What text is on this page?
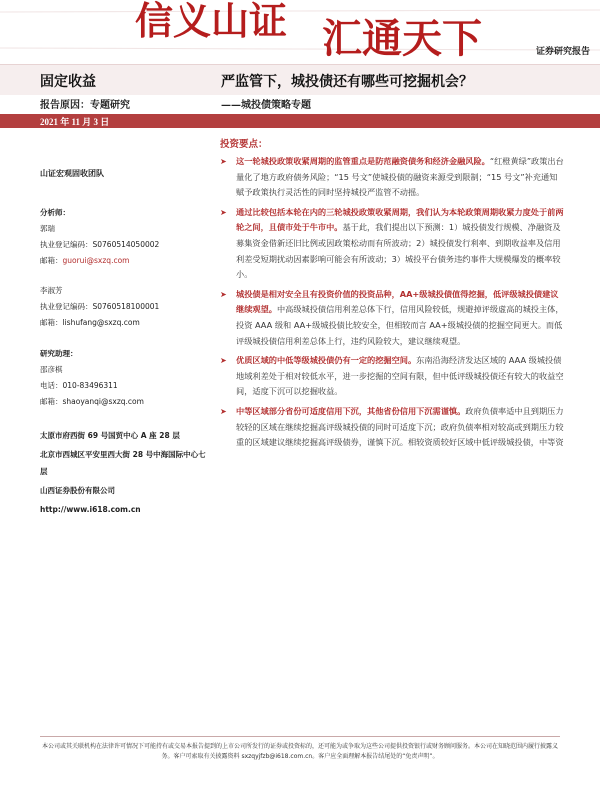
信义山证 汇通天下	证券研究报告
固定收益	严监管下，城投债还有哪些可挖掘机会？
报告原因：专题研究	——城投债策略专题
2021 年 11 月 3 日
山证宏观固收团队
分析师：
郭瑞
执业登记编码：S0760514050002
邮箱：guorui@sxzq.com
李淑芳
执业登记编码：S0760518100001
邮箱：lishufang@sxzq.com
研究助理：
邵彦棋
电话：010-83496311
邮箱：shaoyanqi@sxzq.com
太原市府西街 69 号国贸中心 A 座 28 层
北京市西城区平安里西大街 28 号中海国际中心七层
山西证券股份有限公司
http://www.i618.com.cn
投资要点：
➤ 这一轮城投政策收紧周期的监管重点是防范融资债务和经济金融风险。“红橙黄绿”政策出台量化了地方政府债务风险；“15 号文”使城投债的融资来源受到限制；“15 号文”补充通知赋予政策执行灵活性的同时坚持城投严监管不动摇。
➤ 通过比较包括本轮在内的三轮城投政策收紧周期，我们认为本轮政策周期收紧力度处于前两轮之间，且债市处于牛市中。基于此，我们提出以下预测：1）城投债发行规模、净融资及募集资金借新还旧比例或因政策松动而有所波动；2）城投债发行利率、到期收益率及信用利差受短期扰动因素影响可能会有所波动；3）城投平台债务违约事件大规模爆发的概率较小。
➤ 城投债是相对安全且有投资价值的投资品种，AA+级城投债值得挖掘，低评级城投债建议继续观望。中高级城投债信用利差总体下行，信用风险较低，规避掉评级虚高的城投主体，投资 AAA 级和 AA+级城投债比较安全，但相较而言 AA+级城投债的挖掘空间更大。而低评级城投债信用利差总体上行，违约风险较大，建议继续观望。
➤ 优质区域的中低等级城投债仍有一定的挖掘空间。东南沿海经济发达区域的 AAA 级城投债地域利差处于相对较低水平，进一步挖掘的空间有限，但中低评级城投债还有较大的收益空间，适度下沉可以挖掘收益。
➤ 中等区域部分省份可适度信用下沉，其他省份信用下沉需谨慎。政府负债率适中且到期压力较轻的区域在继续挖掘高评级城投债的同时可适度下沉；政府负债率相对较高或到期压力较重的区域建议继续挖掘高评级债券，谨慎下沉。相较资质较好区域中低评级城投债，中等资
本公司或其关联机构在法律许可情况下可能持有或交易本报告提到的上市公司所发行的证券或投资标的，还可能为或争取为这些公司提供投资银行或财务顾问服务。本公司在知晓范围内履行披露义务。客户可索取有关披露资料 sxzqyjfzb@i618.com.cn。客户应全面理解本报告结尾处的“免责声明”。
